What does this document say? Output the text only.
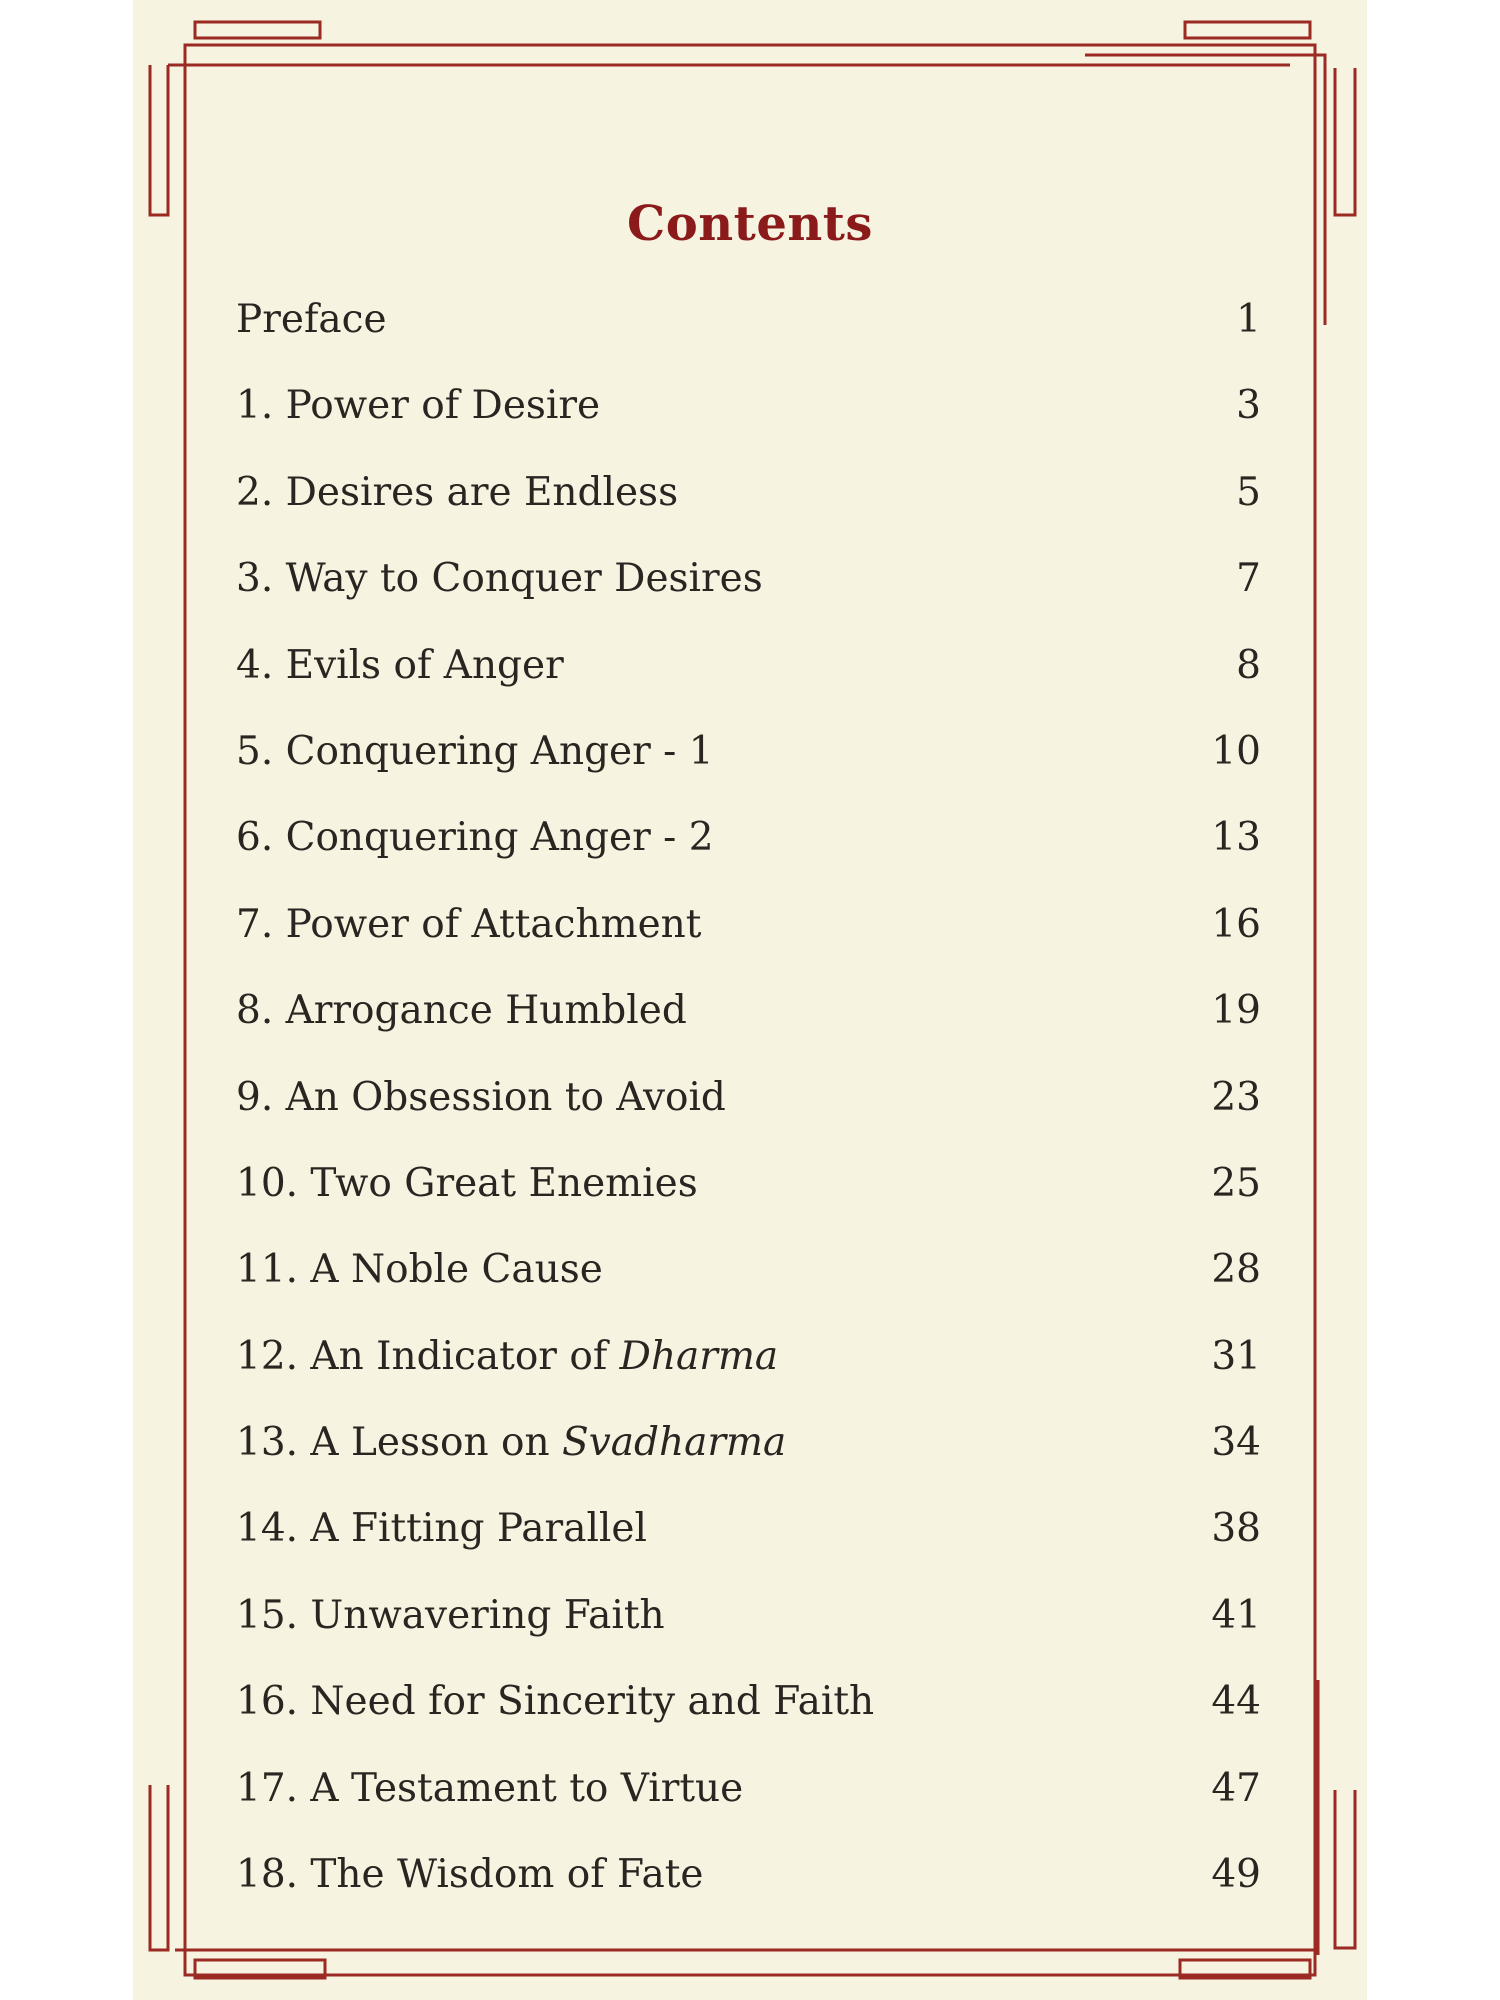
Contents
Preface	1
1. Power of Desire	3
2. Desires are Endless	5
3. Way to Conquer Desires	7
4. Evils of Anger	8
5. Conquering Anger - 1	10
6. Conquering Anger - 2	13
7. Power of Attachment	16
8. Arrogance Humbled	19
9. An Obsession to Avoid	23
10. Two Great Enemies	25
11. A Noble Cause	28
12. An Indicator of Dharma	31
13. A Lesson on Svadharma	34
14. A Fitting Parallel	38
15. Unwavering Faith	41
16. Need for Sincerity and Faith	44
17. A Testament to Virtue	47
18. The Wisdom of Fate	49
